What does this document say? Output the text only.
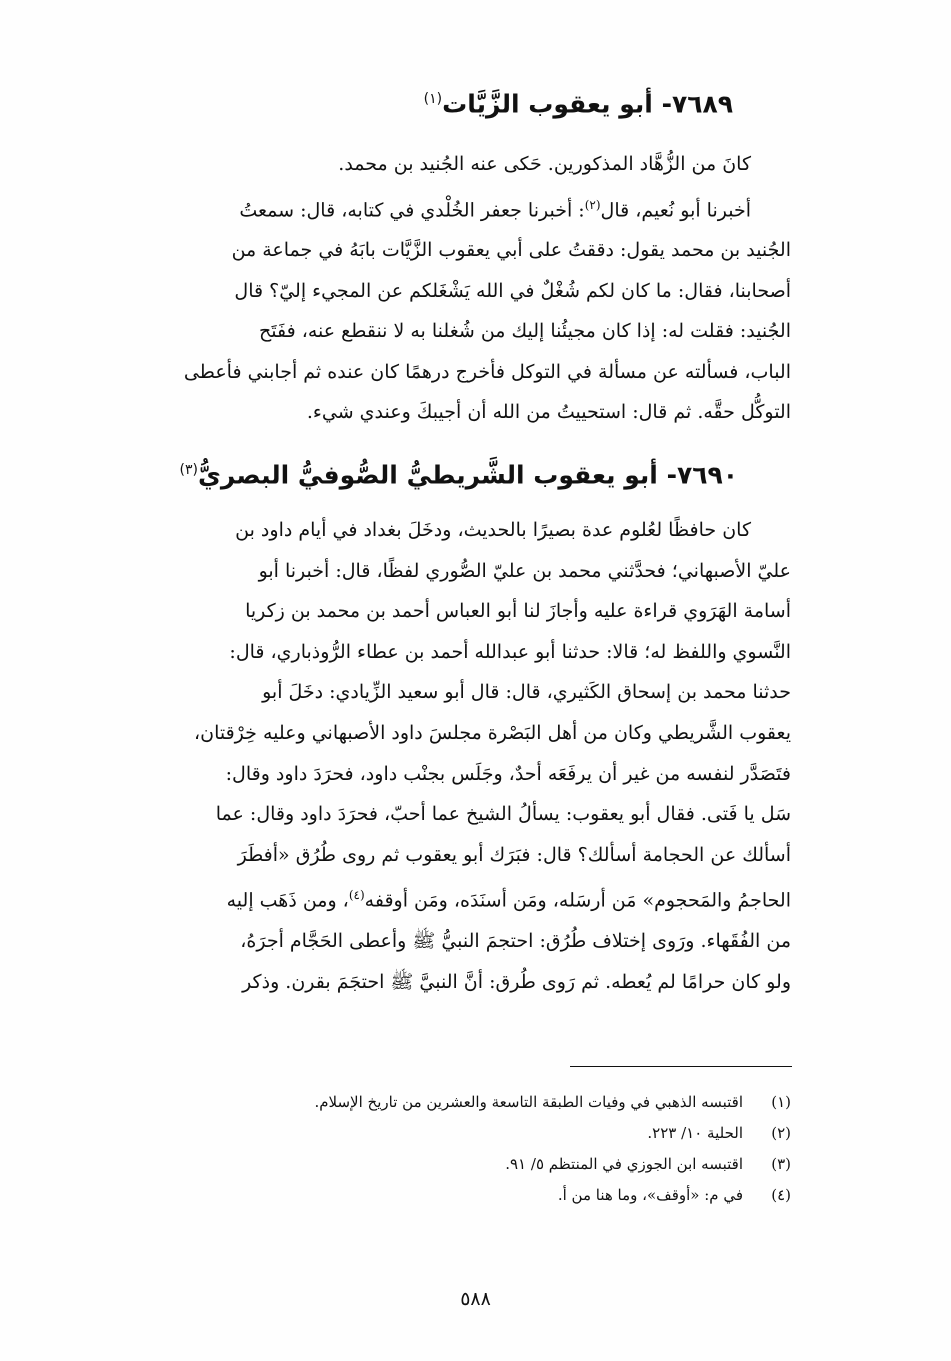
٧٦٨٩- أبو يعقوب الزَّيَّات$^{(١)}$

كانَ من الزُّهَّاد المذكورين. حَكى عنه الجُنيد بن محمد.

أخبرنا أبو نُعيم، قال$^{(٢)}$: أخبرنا جعفر الخُلْدي في كتابه، قال: سمعتُ

الجُنيد بن محمد يقول: دققتُ على أبي يعقوب الزَّيَّات بابَهُ في جماعة من

أصحابنا، فقال: ما كان لكم شُغْلٌ في الله يَشْغَلكم عن المجيء إليّ؟ قال

الجُنيد: فقلت له: إذا كان مجيئُنا إليك من شُغلنا به لا ننقطع عنه، ففَتَح

الباب، فسألته عن مسألة في التوكل فأخرج درهمًا كان عنده ثم أجابني فأعطى

التوكُّل حقَّه. ثم قال: استحييتُ من الله أن أجيبكَ وعندي شيء.

٧٦٩٠- أبو يعقوب الشَّريطيُّ الصُّوفيُّ البصريُّ$^{(٣)}$

كان حافظًا لعُلوم عدة بصيرًا بالحديث، ودخَلَ بغداد في أيام داود بن

عليّ الأصبهاني؛ فحدَّثني محمد بن عليّ الصُّوري لفظًا، قال: أخبرنا أبو

أسامة الهَرَوي قراءة عليه وأجازَ لنا أبو العباس أحمد بن محمد بن زكريا

النَّسوي واللفظ له؛ قالا: حدثنا أبو عبدالله أحمد بن عطاء الرُّوذباري، قال:

حدثنا محمد بن إسحاق الكَثيري، قال: قال أبو سعيد الزِّيادي: دخَلَ أبو

يعقوب الشَّريطي وكان من أهل البَصْرة مجلسَ داود الأصبهاني وعليه خِرْقتان،

فتَصَدَّر لنفسه من غير أن يرفَعَه أحدٌ، وجَلَس بجنْب داود، فحرَدَ داود وقال:

سَل يا فَتى. فقال أبو يعقوب: يسألُ الشيخ عما أحبّ، فحرَدَ داود وقال: عما

أسألك عن الحجامة أسألك؟ قال: فبَرَك أبو يعقوب ثم روى طُرُق «أفطَرَ

الحاجمُ والمَحجوم» مَن أرسَله، ومَن أسنَدَه، ومَن أوقفه$^{(٤)}$، ومن ذَهَب إليه

من الفُقَهاء. ورَوى إختلاف طُرُق: احتجمَ النبيُّ ﷺ وأعطى الحَجَّام أجرَهُ،

ولو كان حرامًا لم يُعطه. ثم رَوى طُرق: أنَّ النبيَّ ﷺ احتجَمَ بقرن. وذكر

(١)
اقتبسه الذهبي في وفيات الطبقة التاسعة والعشرين من تاريخ الإسلام.
(٢)
الحلية ١٠/ ٢٢٣.
(٣)
اقتبسه ابن الجوزي في المنتظم ٥/ ٩١.
(٤)
في م: «أوقف»، وما هنا من أ.
٥٨٨
